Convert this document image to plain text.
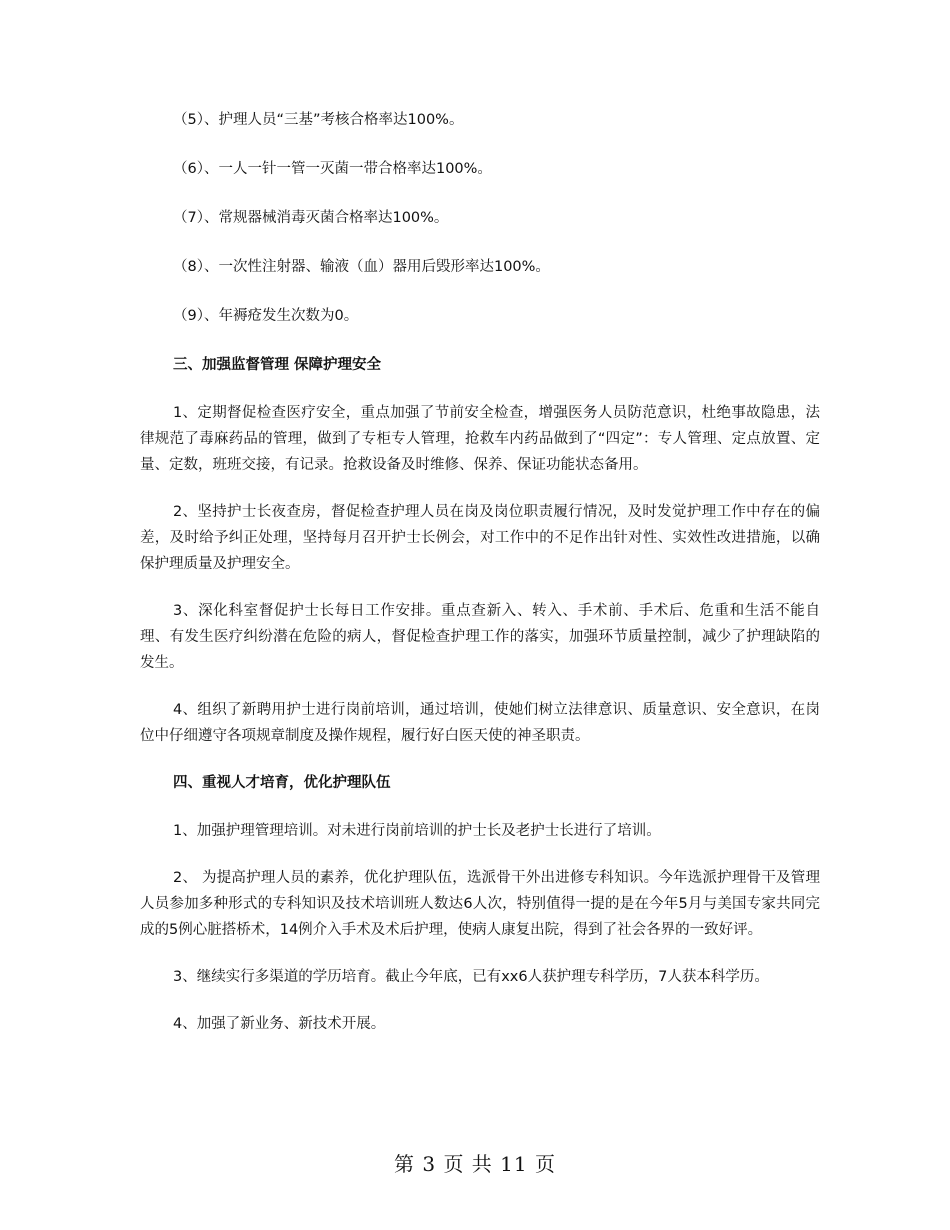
（5）、护理人员“三基”考核合格率达100%。

（6）、一人一针一管一灭菌一带合格率达100%。

（7）、常规器械消毒灭菌合格率达100%。

（8）、一次性注射器、输液（血）器用后毁形率达100%。

（9）、年褥疮发生次数为0。

三、加强监督管理 保障护理安全

1、定期督促检查医疗安全，重点加强了节前安全检查，增强医务人员防范意识，杜绝事故隐患，法律规范了毒麻药品的管理，做到了专柜专人管理，抢救车内药品做到了“四定”：专人管理、定点放置、定量、定数，班班交接，有记录。抢救设备及时维修、保养、保证功能状态备用。

2、坚持护士长夜查房，督促检查护理人员在岗及岗位职责履行情况，及时发觉护理工作中存在的偏差，及时给予纠正处理，坚持每月召开护士长例会，对工作中的不足作出针对性、实效性改进措施，以确保护理质量及护理安全。

3、深化科室督促护士长每日工作安排。重点查新入、转入、手术前、手术后、危重和生活不能自理、有发生医疗纠纷潜在危险的病人，督促检查护理工作的落实，加强环节质量控制，减少了护理缺陷的发生。

4、组织了新聘用护士进行岗前培训，通过培训，使她们树立法律意识、质量意识、安全意识，在岗位中仔细遵守各项规章制度及操作规程，履行好白医天使的神圣职责。

四、重视人才培育，优化护理队伍

1、加强护理管理培训。对未进行岗前培训的护士长及老护士长进行了培训。

2、 为提高护理人员的素养，优化护理队伍，选派骨干外出进修专科知识。今年选派护理骨干及管理人员参加多种形式的专科知识及技术培训班人数达6人次，特别值得一提的是在今年5月与美国专家共同完成的5例心脏搭桥术，14例介入手术及术后护理，使病人康复出院，得到了社会各界的一致好评。

3、继续实行多渠道的学历培育。截止今年底，已有xx6人获护理专科学历，7人获本科学历。

4、加强了新业务、新技术开展。

第 3 页 共 11 页
